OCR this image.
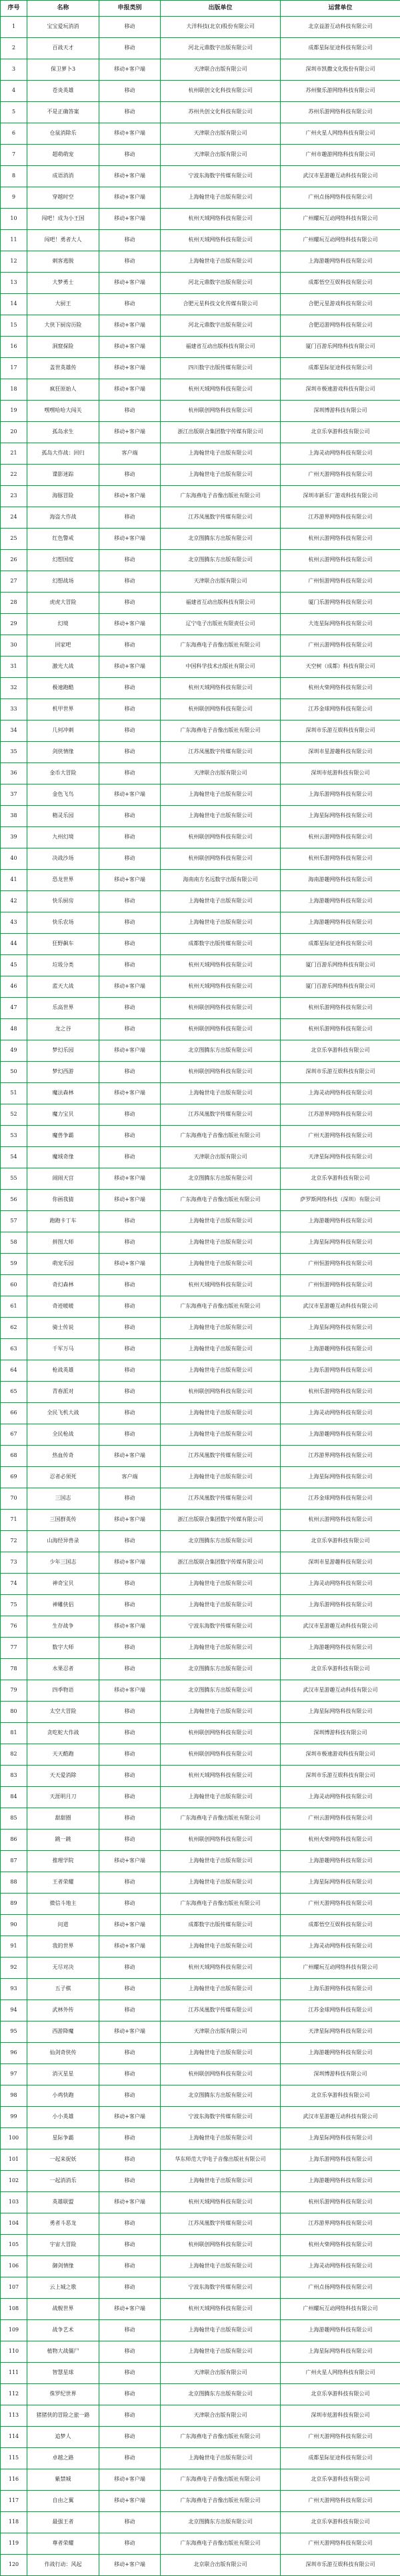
序号	名称	申报类别	出版单位	运营单位
1	宝宝爱玩消消	移动	大洋科技(北京)股份有限公司	北京益游互动科技有限公司
2	百战天才	移动	河北元鼎数字出版有限公司	成都星际征途科技有限公司
3	保卫萝卜3	移动+客户端	天津联合出版有限公司	深圳市凯撒文化股份有限公司
4	苍炎英雄	移动	杭州联创文化科技有限公司	苏州聚乐游网络科技有限公司
5	不是正确答案	移动	苏州共创文化科技有限公司	苏州乐游网络科技有限公司
6	仓鼠消除乐	移动+客户端	天津联合出版有限公司	广州火星人网络科技有限公司
7	超萌萌宠	移动	天津联合出版有限公司	广州市趣游网络科技有限公司
8	成语消消	移动+客户端	宁波东海数字传媒有限公司	武汉市星游趣互动科技有限公司
9	穿越时空	移动+客户端	上海翰世电子出版有限公司	广州点扬网络科技有限公司
10	闯吧！成为小王国	移动+客户端	杭州天域网络科技有限公司	广州耀玩互动网络科技有限公司
11	闯吧！勇者大人	移动	杭州天域网络科技有限公司	广州耀玩互动网络科技有限公司
12	刺客逃脱	移动	上海翰世电子出版有限公司	上海游趣网络科技有限公司
13	大梦勇士	移动+客户端	河北元鼎数字出版有限公司	成都悟空互娱科技有限公司
14	大厨王	移动	合肥元星科技文化传媒有限公司	合肥元星游戏科技有限公司
15	大侠下厨房历险	移动+客户端	河北元鼎数字出版有限公司	合肥迈游网络科技有限公司
16	洞窟探险	移动+客户端	福建省互动出版科技有限公司	厦门百游乐网络科技有限公司
17	盖世英雄传	移动+客户端	四川数字出版传媒有限公司	成都星际征途科技有限公司
18	疯狂原始人	移动+客户端	杭州天域网络科技有限公司	深圳市极速游戏科技有限公司
19	嘿嘿哈哈大闯关	移动	杭州联创网络科技有限公司	深圳博游科技有限公司
20	孤岛求生	移动+客户端	浙江出版联合集团数字传媒有限公司	北京乐享游科技有限公司
21	孤岛大作战：回归	客户端	上海翰世电子出版有限公司	上海灵动网络科技有限公司
22	谍影迷踪	移动	上海翰世电子出版有限公司	广州天游网络科技有限公司
23	海豚冒险	移动+客户端	广东海燕电子音像出版社有限公司	深圳市新乐厂游戏科技有限公司
24	海盗大作战	移动	江苏凤凰数字传媒有限公司	江苏游界网络科技有限公司
25	红色警戒	移动+客户端	北京图腾东方出版有限公司	杭州云游网络科技有限公司
26	幻想国度	移动	北京图腾东方出版有限公司	杭州云游网络科技有限公司
27	幻想战场	移动	天津联合出版有限公司	广州恒游网络科技有限公司
28	虎虎大冒险	移动	福建省互动出版科技有限公司	厦门乐游网络科技有限公司
29	幻境	移动+客户端	辽宁电子出版社有限责任公司	大连星际网络科技有限公司
30	回家吧	移动	广东海燕电子音像出版社有限公司	广州云游网络科技有限公司
31	激光大战	移动+客户端	中国科学技术出版社有限公司	天空树（成都）科技有限公司
32	极速跑酷	移动	杭州天域网络科技有限公司	杭州火柴网络科技有限公司
33	机甲世界	移动	杭州联创网络科技有限公司	江苏金球网络科技有限公司
34	几何冲刺	移动	广东海燕电子音像出版社有限公司	深圳市乐游互娱科技有限公司
35	剑侠情缘	移动	江苏凤凰数字传媒有限公司	深圳市星游趣科技有限公司
36	金币大冒险	移动	天津联合出版有限公司	深圳市炫游科技有限公司
37	金色飞鸟	移动+客户端	上海翰世电子出版有限公司	上海乐游网络科技有限公司
38	精灵乐园	移动	上海翰世电子出版有限公司	上海星际网络科技有限公司
39	九州幻境	移动	杭州联创网络科技有限公司	杭州云游网络科技有限公司
40	决战沙场	移动	杭州联创网络科技有限公司	杭州乐游网络科技有限公司
41	恐龙世界	移动+客户端	海南南方名远数字出版有限公司	海南游趣网络科技有限公司
42	快乐厨房	移动	上海翰世电子出版有限公司	上海游趣网络科技有限公司
43	快乐农场	移动	上海翰世电子出版有限公司	上海游趣网络科技有限公司
44	狂野飙车	移动	成都数字出版传媒有限公司	成都星际征途科技有限公司
45	垃圾分类	移动	杭州天域网络科技有限公司	厦门百游乐网络科技有限公司
46	蓝天大战	移动+客户端	杭州天域网络科技有限公司	厦门百游乐网络科技有限公司
47	乐高世界	移动	杭州联创网络科技有限公司	杭州乐游网络科技有限公司
48	龙之谷	移动	杭州联创网络科技有限公司	杭州乐游网络科技有限公司
49	梦幻乐园	移动+客户端	北京图腾东方出版有限公司	北京乐享游科技有限公司
50	梦幻西游	移动	杭州联创网络科技有限公司	深圳市乐游互娱科技有限公司
51	魔法森林	移动+客户端	上海翰世电子出版有限公司	上海灵动网络科技有限公司
52	魔力宝贝	移动	江苏凤凰数字传媒有限公司	江苏游界网络科技有限公司
53	魔兽争霸	移动	广东海燕电子音像出版社有限公司	广州天游网络科技有限公司
54	魔域奇缘	移动	天津联合出版有限公司	天津星际网络科技有限公司
55	闹闹天宫	移动+客户端	北京图腾东方出版有限公司	北京乐享游科技有限公司
56	你画我猜	移动+客户端	广东海燕电子音像出版社有限公司	萨罗斯网络科技（深圳）有限公司
57	跑跑卡丁车	移动	上海翰世电子出版有限公司	上海游趣网络科技有限公司
58	拼图大师	移动	上海翰世电子出版有限公司	上海星际网络科技有限公司
59	萌宠乐园	移动+客户端	上海翰世电子出版有限公司	广州恒游网络科技有限公司
60	奇幻森林	移动	杭州天域网络科技有限公司	广州恒游网络科技有限公司
61	奇迹暖暖	移动	广东海燕电子音像出版社有限公司	武汉市星游趣互动科技有限公司
62	骑士传说	移动	上海翰世电子出版有限公司	上海星际网络科技有限公司
63	千军万马	移动	上海翰世电子出版有限公司	上海游趣网络科技有限公司
64	枪战英雄	移动	上海翰世电子出版有限公司	上海乐游网络科技有限公司
65	青春派对	移动	杭州联创网络科技有限公司	杭州乐游网络科技有限公司
66	全民飞机大战	移动	上海翰世电子出版有限公司	上海灵动网络科技有限公司
67	全民枪战	移动	上海翰世电子出版有限公司	上海游趣网络科技有限公司
68	热血传奇	移动+客户端	江苏凤凰数字传媒有限公司	江苏游界网络科技有限公司
69	忍者必须死	客户端	上海翰世电子出版有限公司	上海星际网络科技有限公司
70	三国志	移动	江苏凤凰数字传媒有限公司	江苏金球网络科技有限公司
71	三国群英传	移动+客户端	浙江出版联合集团数字传媒有限公司	杭州云游网络科技有限公司
72	山海经异兽录	移动	北京图腾东方出版有限公司	北京乐享游科技有限公司
73	少年三国志	移动+客户端	浙江出版联合集团数字传媒有限公司	深圳市星游趣科技有限公司
74	神奇宝贝	移动	上海翰世电子出版有限公司	上海灵动网络科技有限公司
75	神雕侠侣	移动	上海翰世电子出版有限公司	上海乐游网络科技有限公司
76	生存战争	移动+客户端	宁波东海数字传媒有限公司	武汉市星游趣互动科技有限公司
77	数字大师	移动	上海翰世电子出版有限公司	上海游趣网络科技有限公司
78	水果忍者	移动	北京图腾东方出版有限公司	北京乐享游科技有限公司
79	四季物语	移动+客户端	北京图腾东方出版有限公司	武汉市星游趣互动科技有限公司
80	太空大冒险	移动	上海翰世电子出版有限公司	上海星际网络科技有限公司
81	贪吃蛇大作战	移动	杭州联创网络科技有限公司	深圳博游科技有限公司
82	天天酷跑	移动	杭州联创网络科技有限公司	深圳市极速游戏科技有限公司
83	天天爱消除	移动	杭州天域网络科技有限公司	深圳市乐游互娱科技有限公司
84	天涯明月刀	移动	上海翰世电子出版有限公司	上海灵动网络科技有限公司
85	甜甜圈	移动	广东海燕电子音像出版社有限公司	广州云游网络科技有限公司
86	跳一跳	移动	杭州联创网络科技有限公司	杭州火柴网络科技有限公司
87	推理学院	移动+客户端	上海翰世电子出版有限公司	上海游趣网络科技有限公司
88	王者荣耀	移动	上海翰世电子出版有限公司	上海星际网络科技有限公司
89	微信斗地主	移动	广东海燕电子音像出版社有限公司	广州天游网络科技有限公司
90	问道	移动+客户端	成都数字出版传媒有限公司	成都悟空互娱科技有限公司
91	我的世界	移动+客户端	上海翰世电子出版有限公司	上海灵动网络科技有限公司
92	无尽对决	移动	杭州天域网络科技有限公司	广州耀玩互动网络科技有限公司
93	五子棋	移动	上海翰世电子出版有限公司	上海乐游网络科技有限公司
94	武林外传	移动	江苏凤凰数字传媒有限公司	江苏金球网络科技有限公司
95	西游降魔	移动+客户端	天津联合出版有限公司	天津星际网络科技有限公司
96	仙剑奇侠传	移动	上海翰世电子出版有限公司	上海游趣网络科技有限公司
97	消灭星星	移动	杭州联创网络科技有限公司	深圳博游科技有限公司
98	小鸡快跑	移动	北京图腾东方出版有限公司	北京乐享游科技有限公司
99	小小英雄	移动+客户端	宁波东海数字传媒有限公司	武汉市星游趣互动科技有限公司
100	星际争霸	移动	上海翰世电子出版有限公司	上海星际网络科技有限公司
101	一起来捉妖	移动	华东师范大学电子音像出版社有限公司	上海乐游网络科技有限公司
102	一起消消乐	移动	上海翰世电子出版有限公司	上海游趣网络科技有限公司
103	英雄联盟	移动+客户端	杭州天域网络科技有限公司	杭州乐游网络科技有限公司
104	勇者斗恶龙	移动	江苏凤凰数字传媒有限公司	江苏游界网络科技有限公司
105	宇宙大冒险	移动	杭州联创网络科技有限公司	杭州火柴网络科技有限公司
106	御剑情缘	移动	上海翰世电子出版有限公司	上海灵动网络科技有限公司
107	云上城之歌	移动	宁波东海数字传媒有限公司	广州点扬网络科技有限公司
108	战舰世界	移动+客户端	杭州天域网络科技有限公司	广州耀玩互动网络科技有限公司
109	战争艺术	移动	上海翰世电子出版有限公司	上海游趣网络科技有限公司
110	植物大战僵尸	移动	上海翰世电子出版有限公司	上海星际网络科技有限公司
111	智慧星球	移动	天津联合出版有限公司	广州火星人网络科技有限公司
112	侏罗纪世界	移动	北京图腾东方出版有限公司	北京乐享游科技有限公司
113	猪猪侠的冒险之旅一路	移动	天津联合出版有限公司	深圳市炫游科技有限公司
114	追梦人	移动	广东海燕电子音像出版社有限公司	广州天游网络科技有限公司
115	卓越之路	移动	上海翰世电子出版有限公司	成都星际征途科技有限公司
116	紫禁城	移动+客户端	广东海燕电子音像出版社有限公司	北京乐享游科技有限公司
117	自由之翼	移动+客户端	广东海燕电子音像出版社有限公司	广州天游网络科技有限公司
118	最强王者	移动	北京图腾东方出版有限公司	北京乐享游科技有限公司
119	尊者荣耀	移动	广东海燕电子音像出版社有限公司	广州天游网络科技有限公司
120	作战行动：风起	移动+客户端	北京联合出版有限公司	深圳市乐游互娱科技有限公司
